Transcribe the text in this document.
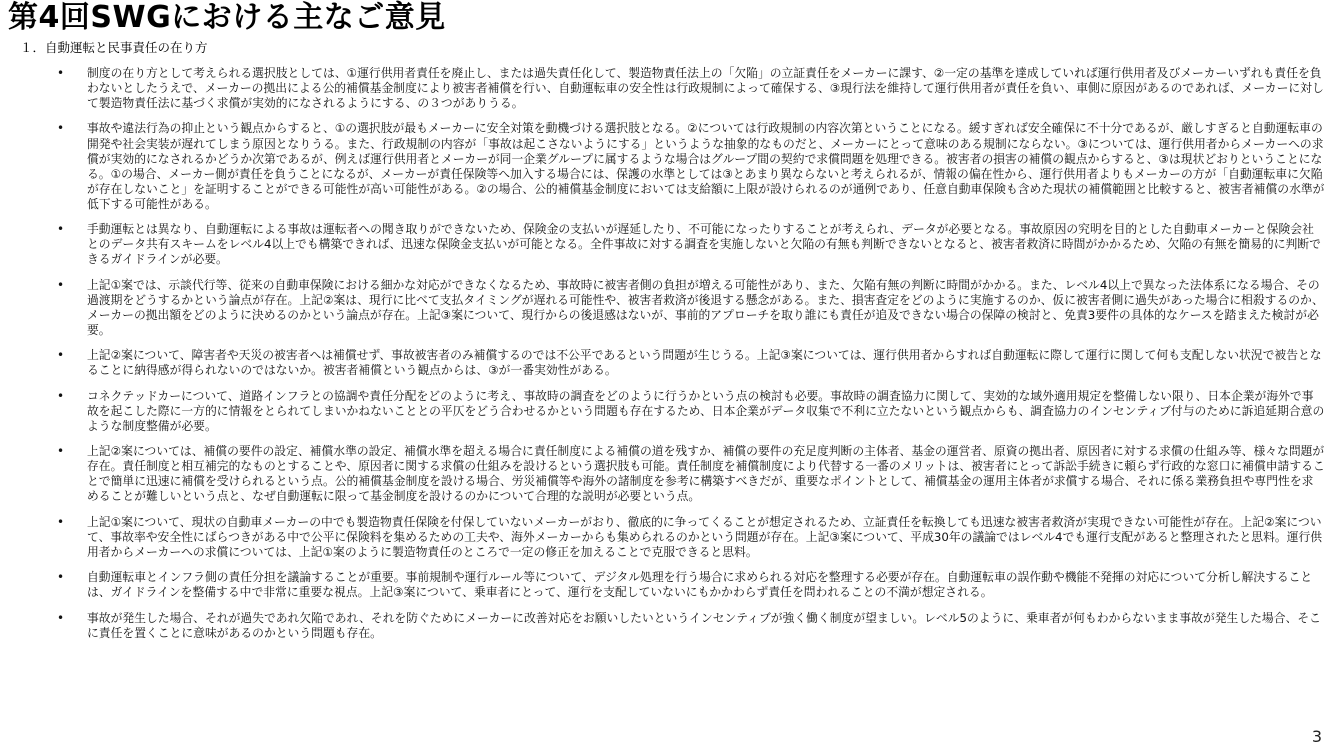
第4回SWGにおける主なご意見
１．自動運転と民事責任の在り方
• 制度の在り方として考えられる選択肢としては、①運行供用者責任を廃止し、または過失責任化して、製造物責任法上の「欠陥」の立証責任をメーカーに課す、②一定の基準を達成していれば運行供用者及びメーカーいずれも責任を負わないとしたうえで、メーカーの拠出による公的補償基金制度により被害者補償を行い、自動運転車の安全性は行政規制によって確保する、③現行法を維持して運行供用者が責任を負い、車側に原因があるのであれば、メーカーに対して製造物責任法に基づく求償が実効的になされるようにする、の３つがありうる。
• 事故や違法行為の抑止という観点からすると、①の選択肢が最もメーカーに安全対策を動機づける選択肢となる。②については行政規制の内容次第ということになる。緩すぎれば安全確保に不十分であるが、厳しすぎると自動運転車の開発や社会実装が遅れてしまう原因となりうる。また、行政規制の内容が「事故は起こさないようにする」というような抽象的なものだと、メーカーにとって意味のある規制にならない。③については、運行供用者からメーカーへの求償が実効的になされるかどうか次第であるが、例えば運行供用者とメーカーが同一企業グループに属するような場合はグループ間の契約で求償問題を処理できる。被害者の損害の補償の観点からすると、③は現状どおりということになる。①の場合、メーカー側が責任を負うことになるが、メーカーが責任保険等へ加入する場合には、保護の水準としては③とあまり異ならないと考えられるが、情報の偏在性から、運行供用者よりもメーカーの方が「自動運転車に欠陥が存在しないこと」を証明することができる可能性が高い可能性がある。②の場合、公的補償基金制度においては支給額に上限が設けられるのが通例であり、任意自動車保険も含めた現状の補償範囲と比較すると、被害者補償の水準が低下する可能性がある。
• 手動運転とは異なり、自動運転による事故は運転者への聞き取りができないため、保険金の支払いが遅延したり、不可能になったりすることが考えられ、データが必要となる。事故原因の究明を目的とした自動車メーカーと保険会社とのデータ共有スキームをレベル4以上でも構築できれば、迅速な保険金支払いが可能となる。全件事故に対する調査を実施しないと欠陥の有無も判断できないとなると、被害者救済に時間がかかるため、欠陥の有無を簡易的に判断できるガイドラインが必要。
• 上記①案では、示談代行等、従来の自動車保険における細かな対応ができなくなるため、事故時に被害者側の負担が増える可能性があり、また、欠陥有無の判断に時間がかかる。また、レベル4以上で異なった法体系になる場合、その過渡期をどうするかという論点が存在。上記②案は、現行に比べて支払タイミングが遅れる可能性や、被害者救済が後退する懸念がある。また、損害査定をどのように実施するのか、仮に被害者側に過失があった場合に相殺するのか、メーカーの拠出額をどのように決めるのかという論点が存在。上記③案について、現行からの後退感はないが、事前的アプローチを取り誰にも責任が追及できない場合の保障の検討と、免責3要件の具体的なケースを踏まえた検討が必要。
• 上記②案について、障害者や天災の被害者へは補償せず、事故被害者のみ補償するのでは不公平であるという問題が生じうる。上記③案については、運行供用者からすれば自動運転に際して運行に関して何も支配しない状況で被告となることに納得感が得られないのではないか。被害者補償という観点からは、③が一番実効性がある。
• コネクテッドカーについて、道路インフラとの協調や責任分配をどのように考え、事故時の調査をどのように行うかという点の検討も必要。事故時の調査協力に関して、実効的な域外適用規定を整備しない限り、日本企業が海外で事故を起こした際に一方的に情報をとられてしまいかねないこととの平仄をどう合わせるかという問題も存在するため、日本企業がデータ収集で不利に立たないという観点からも、調査協力のインセンティブ付与のために訴追延期合意のような制度整備が必要。
• 上記②案については、補償の要件の設定、補償水準の設定、補償水準を超える場合に責任制度による補償の道を残すか、補償の要件の充足度判断の主体者、基金の運営者、原資の拠出者、原因者に対する求償の仕組み等、様々な問題が存在。責任制度と相互補完的なものとすることや、原因者に関する求償の仕組みを設けるという選択肢も可能。責任制度を補償制度により代替する一番のメリットは、被害者にとって訴訟手続きに頼らず行政的な窓口に補償申請することで簡単に迅速に補償を受けられるという点。公的補償基金制度を設ける場合、労災補償等や海外の諸制度を参考に構築すべきだが、重要なポイントとして、補償基金の運用主体者が求償する場合、それに係る業務負担や専門性を求めることが難しいという点と、なぜ自動運転に限って基金制度を設けるのかについて合理的な説明が必要という点。
• 上記①案について、現状の自動車メーカーの中でも製造物責任保険を付保していないメーカーがおり、徹底的に争ってくることが想定されるため、立証責任を転換しても迅速な被害者救済が実現できない可能性が存在。上記②案について、事故率や安全性にばらつきがある中で公平に保険料を集めるための工夫や、海外メーカーからも集められるのかという問題が存在。上記③案について、平成30年の議論ではレベル4でも運行支配があると整理されたと思料。運行供用者からメーカーへの求償については、上記①案のように製造物責任のところで一定の修正を加えることで克服できると思料。
• 自動運転車とインフラ側の責任分担を議論することが重要。事前規制や運行ルール等について、デジタル処理を行う場合に求められる対応を整理する必要が存在。自動運転車の誤作動や機能不発揮の対応について分析し解決することは、ガイドラインを整備する中で非常に重要な視点。上記③案について、乗車者にとって、運行を支配していないにもかかわらず責任を問われることの不満が想定される。
• 事故が発生した場合、それが過失であれ欠陥であれ、それを防ぐためにメーカーに改善対応をお願いしたいというインセンティブが強く働く制度が望ましい。レベル5のように、乗車者が何もわからないまま事故が発生した場合、そこに責任を置くことに意味があるのかという問題も存在。
3
